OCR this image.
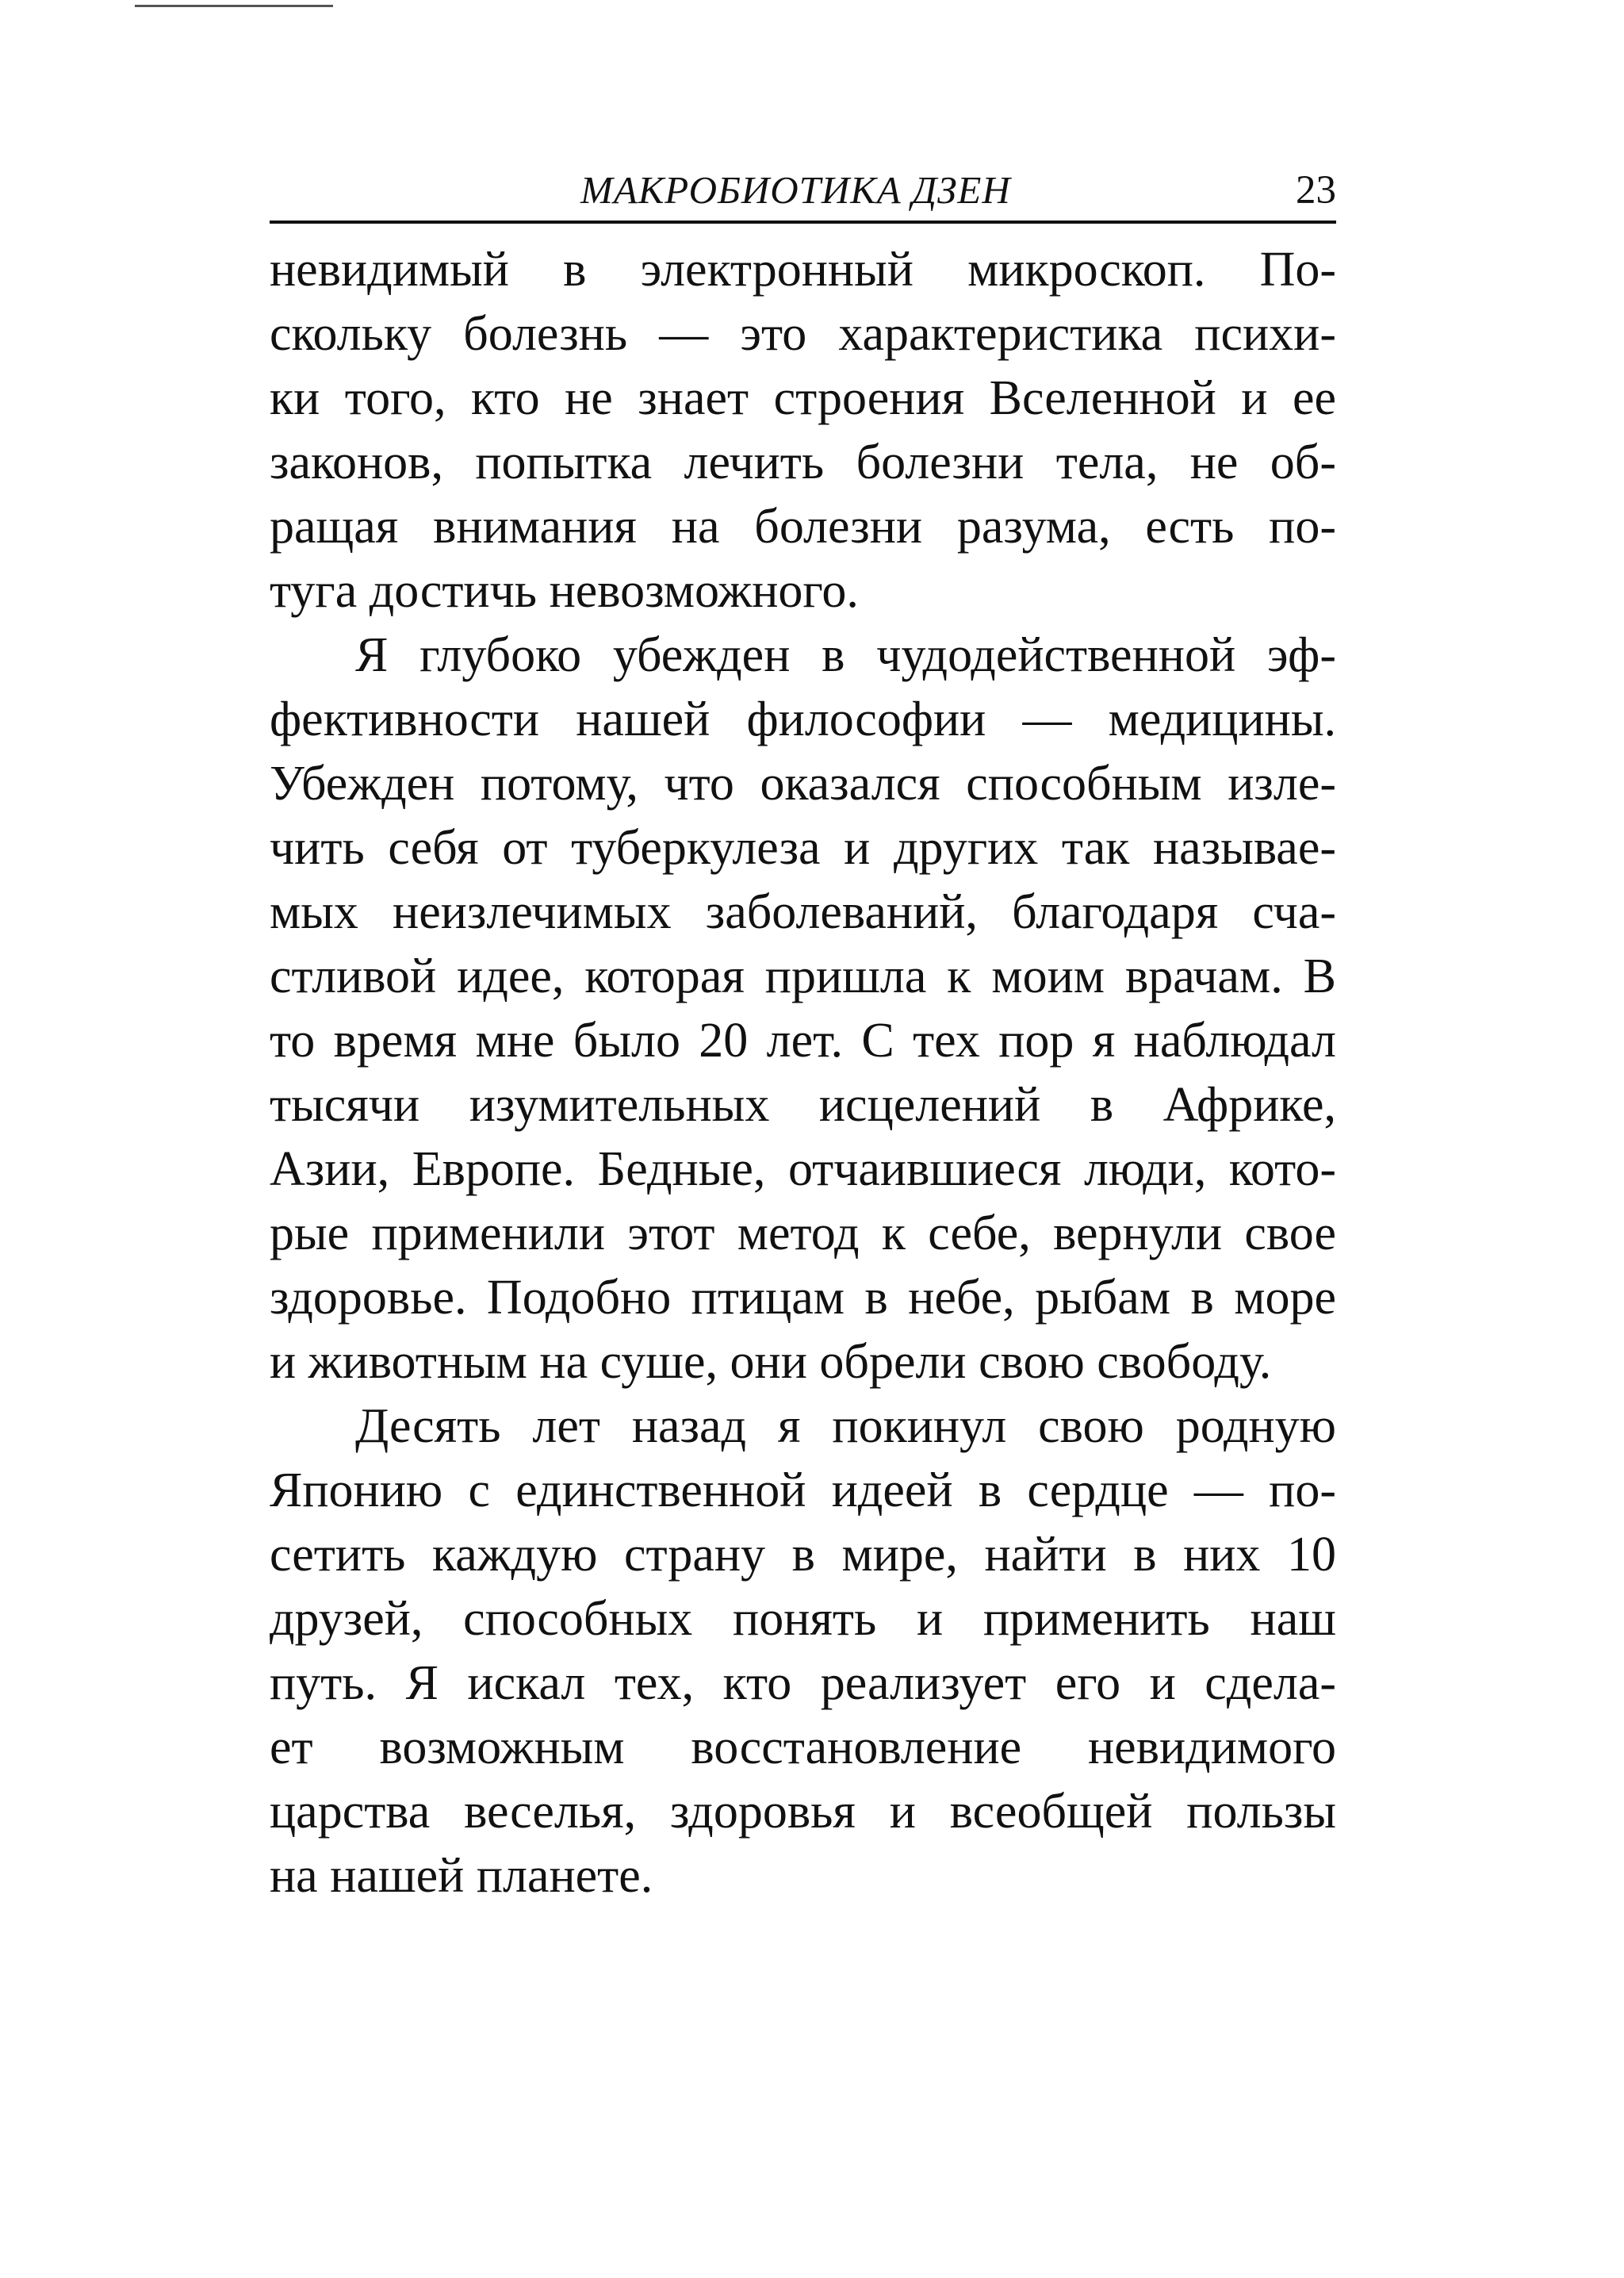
МАКРОБИОТИКА ДЗЕН	23
невидимый в электронный микроскоп. По-
скольку болезнь — это характеристика психи-
ки того, кто не знает строения Вселенной и ее
законов, попытка лечить болезни тела, не об-
ращая внимания на болезни разума, есть по-
туга достичь невозможного.
Я глубоко убежден в чудодейственной эф-
фективности нашей философии — медицины.
Убежден потому, что оказался способным изле-
чить себя от туберкулеза и других так называе-
мых неизлечимых заболеваний, благодаря сча-
стливой идее, которая пришла к моим врачам. В
то время мне было 20 лет. С тех пор я наблюдал
тысячи изумительных исцелений в Африке,
Азии, Европе. Бедные, отчаившиеся люди, кото-
рые применили этот метод к себе, вернули свое
здоровье. Подобно птицам в небе, рыбам в море
и животным на суше, они обрели свою свободу.
Десять лет назад я покинул свою родную
Японию с единственной идеей в сердце — по-
сетить каждую страну в мире, найти в них 10
друзей, способных понять и применить наш
путь. Я искал тех, кто реализует его и сдела-
ет возможным восстановление невидимого
царства веселья, здоровья и всеобщей пользы
на нашей планете.
